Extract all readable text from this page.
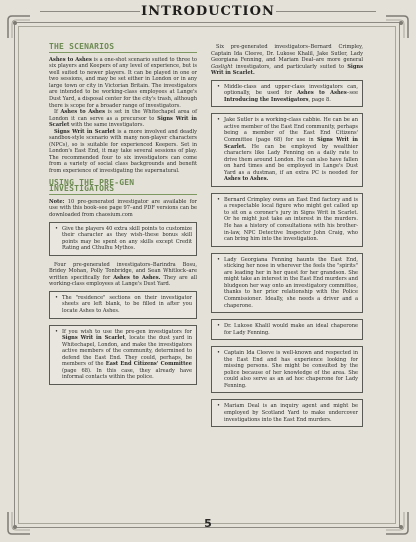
INTRODUCTION
THE SCENARIOS

Ashes to Ashes is a one-shot scenario suited to three to six players and Keepers of any level of experience, but is well suited to newer players. It can be played in one or two sessions, and may be set either in London or in any large town or city in Victorian Britain. The investigators are intended to be working-class employees at Lange's Dust Yard, a disposal center for the city's trash, although there is scope for a broader range of investigators.

If Ashes to Ashes is set in the Whitechapel area of London it can serve as a precursor to Signs Writ in Scarlet with the same investigators.

Signs Writ in Scarlet is a more involved and deadly sandbox-style scenario with many non-player characters (NPCs), so is suitable for experienced Keepers. Set in London's East End, it may take several sessions of play. The recommended four to six investigators can come from a variety of social class backgrounds and benefit from experience of investigating the supernatural.

USING THE PRE-GEN INVESTIGATORS

Note: 10 pre-generated investigator are available for use with this book–see page 97–and PDF versions can be downloaded from chaosium.com

• Give the players 40 extra skill points to customize their character as they wish–these bonus skill points may be spent on any skills except Credit Rating and Cthulhu Mythos.

Four pre-generated investigators–Barindra Bosu, Bridey Mohan, Polly Tonbridge, and Sean Whitlock–are written specifically for Ashes to Ashes. They are all working-class employees at Lange's Dust Yard.

• The "residence" sections on their investigator sheets are left blank, to be filled in after you locate Ashes to Ashes.

• If you wish to use the pre-gen investigators for Signs Writ in Scarlet, locate the dust yard in Whitechapel, London, and make the investigators active members of the community, determined to defend the East End. They could, perhaps, be members of the East End Citizens' Committee (page 68). In this case, they already have informal contacts within the police.

Six pre-generated investigators–Bernard Crimpley, Captain Ida Cleeve, Dr. Lukose Khalil, Jake Sutler, Lady Georgiana Fenning, and Mariam Deal–are more general Gaslight investigators, and particularly suited to Signs Writ in Scarlet.

• Middle-class and upper-class investigators can, optionally, be used for Ashes to Ashes–see Introducing the Investigators, page 8.

• Jake Sutler is a working-class cabbie. He can be an active member of the East End community, perhaps being a member of the East End Citizens' Committee (page 68) for use in Signs Writ in Scarlet. He can be employed by wealthier characters like Lady Fenning on a daily rate to drive them around London. He can also have fallen on hard times and be employed in Lange's Dust Yard as a dustman, if an extra PC is needed for Ashes to Ashes.

• Bernard Crimpley owns an East End factory and is a respectable local figure who might get called up to sit on a coroner's jury in Signs Writ in Scarlet. Or he might just take an interest in the murders. He has a history of consultations with his brother-in-law, NPC Detective Inspector John Craig, who can bring him into the investigation.

• Lady Georgiana Fenning haunts the East End, sticking her nose in wherever the feels the "spirits" are leading her in her quest for her grandson. She might take an interest in the East End murders and bludgeon her way onto an investigatory committee, thanks to her prior relationship with the Police Commissioner. Ideally, she needs a driver and a chaperone.

• Dr. Lukose Khalil would make an ideal chaperone for Lady Fenning.

• Captain Ida Cleeve is well-known and respected in the East End and has experience looking for missing persons. She might be consulted by the police because of her knowledge of the area. She could also serve as an ad hoc chaperone for Lady Fenning.

• Mariam Deal is an inquiry agent and might be employed by Scotland Yard to make undercover investigations into the East End murders.

5
